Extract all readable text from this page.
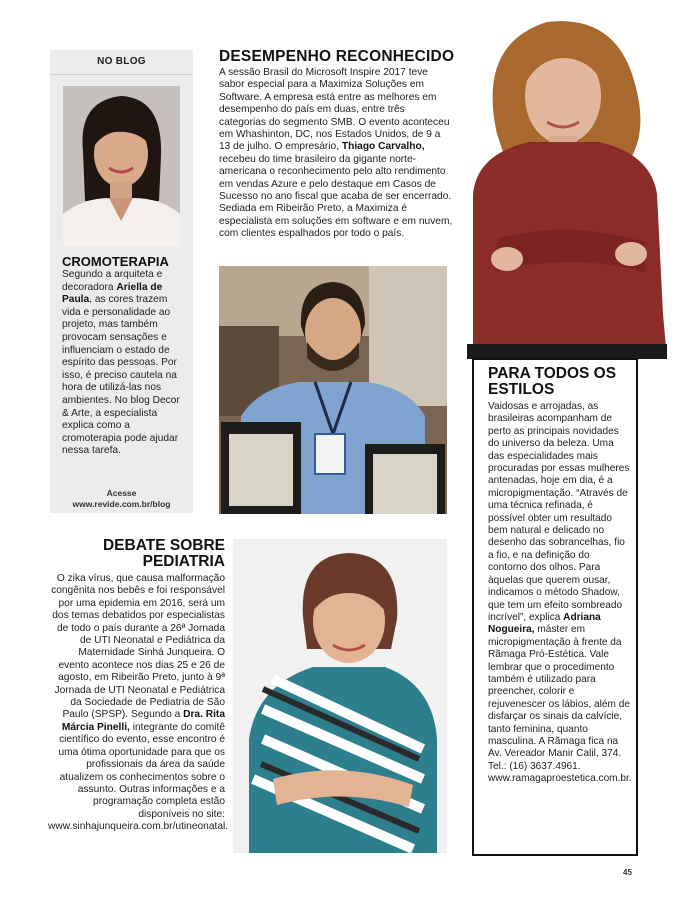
NO BLOG
CROMOTERAPIA
Segundo a arquiteta e decoradora Ariella de Paula, as cores trazem vida e personalidade ao projeto, mas também provocam sensações e influenciam o estado de espírito das pessoas. Por isso, é preciso cautela na hora de utilizá-las nos ambientes. No blog Decor & Arte, a especialista explica como a cromoterapia pode ajudar nessa tarefa.
Acesse
www.revide.com.br/blog
DESEMPENHO RECONHECIDO
A sessão Brasil do Microsoft Inspire 2017 teve sabor especial para a Maximiza Soluções em Software. A empresa está entre as melhores em desempenho do país em duas, entre três categorias do segmento SMB. O evento aconteceu em Whashinton, DC, nos Estados Unidos, de 9 a 13 de julho. O empresário, Thiago Carvalho, recebeu do time brasileiro da gigante norte-americana o reconhecimento pelo alto rendimento em vendas Azure e pelo destaque em Casos de Sucesso no ano fiscal que acaba de ser encerrado. Sediada em Ribeirão Preto, a Maximiza é especialista em soluções em software e em nuvem, com clientes espalhados por todo o país.
PARA TODOS OS ESTILOS
Vaidosas e arrojadas, as brasileiras acompanham de perto as principais novidades do universo da beleza. Uma das especialidades mais procuradas por essas mulheres antenadas, hoje em dia, é a micropigmentação. “Através de uma técnica refinada, é possível obter um resultado bem natural e delicado no desenho das sobrancelhas, fio a fio, e na definição do contorno dos olhos. Para àquelas que querem ousar, indicamos o método Shadow, que tem um efeito sombreado incrível”, explica Adriana Nogueira, máster em micropigmentação à frente da Rãmaga Pró-Estética. Vale lembrar que o procedimento também é utilizado para preencher, colorir e rejuvenescer os lábios, além de disfarçar os sinais da calvície, tanto feminina, quanto masculina. A Rãmaga fica na Av. Vereador Manir Calil, 374. Tel.: (16) 3637.4961. www.ramagaproestetica.com.br.
DEBATE SOBRE PEDIATRIA
O zika vírus, que causa malformação congênita nos bebês e foi responsável por uma epidemia em 2016, será um dos temas debatidos por especialistas de todo o país durante a 26ª Jornada de UTI Neonatal e Pediátrica da Maternidade Sinhá Junqueira. O evento acontece nos dias 25 e 26 de agosto, em Ribeirão Preto, junto à 9ª Jornada de UTI Neonatal e Pediátrica da Sociedade de Pediatria de São Paulo (SPSP). Segundo a Dra. Rita Márcia Pinelli, integrante do comitê científico do evento, esse encontro é uma ótima oportunidade para que os profissionais da área da saúde atualizem os conhecimentos sobre o assunto. Outras informações e a programação completa estão disponíveis no site: www.sinhajunqueira.com.br/utineonatal.
45
